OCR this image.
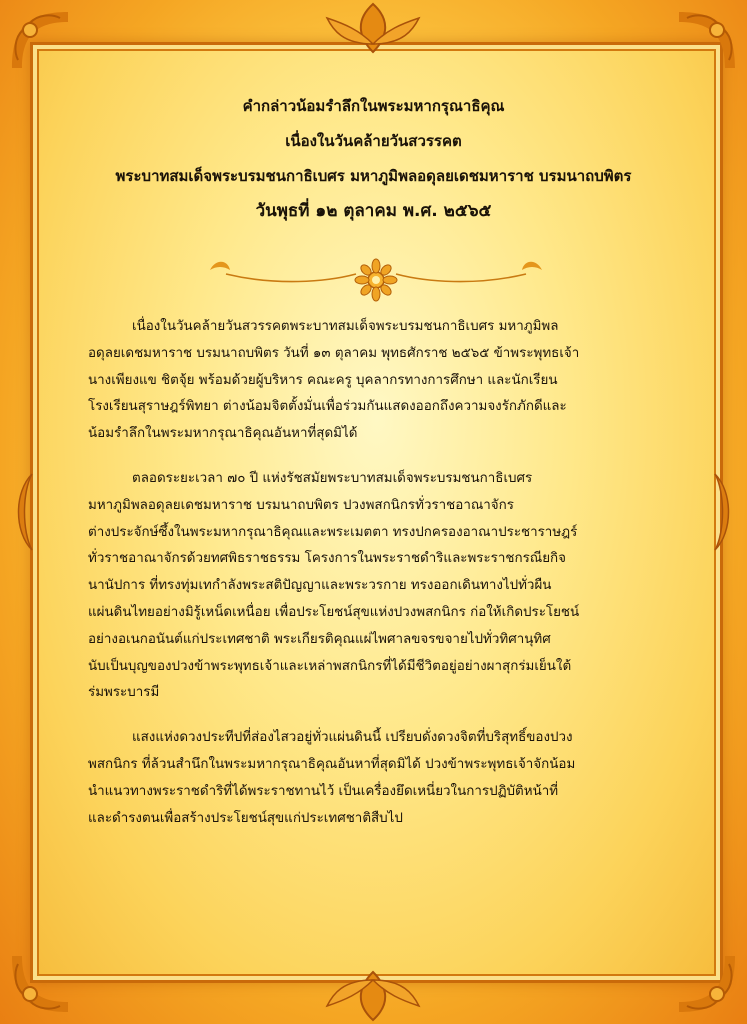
คำกล่าวน้อมรำลึกในพระมหากรุณาธิคุณ
เนื่องในวันคล้ายวันสวรรคต
พระบาทสมเด็จพระบรมชนกาธิเบศร มหาภูมิพลอดุลยเดชมหาราช บรมนาถบพิตร
วันพุธที่ ๑๒ ตุลาคม พ.ศ. ๒๕๖๕
เนื่องในวันคล้ายวันสวรรคตพระบาทสมเด็จพระบรมชนกาธิเบศร มหาภูมิพล
อดุลยเดชมหาราช บรมนาถบพิตร วันที่ ๑๓ ตุลาคม พุทธศักราช ๒๕๖๕ ข้าพระพุทธเจ้า
นางเพียงแข ชิตจุ้ย พร้อมด้วยผู้บริหาร คณะครู บุคลากรทางการศึกษา และนักเรียน
โรงเรียนสุราษฎร์พิทยา ต่างน้อมจิตตั้งมั่นเพื่อร่วมกันแสดงออกถึงความจงรักภักดีและ
น้อมรำลึกในพระมหากรุณาธิคุณอันหาที่สุดมิได้
ตลอดระยะเวลา ๗๐ ปี แห่งรัชสมัยพระบาทสมเด็จพระบรมชนกาธิเบศร
มหาภูมิพลอดุลยเดชมหาราช บรมนาถบพิตร ปวงพสกนิกรทั่วราชอาณาจักร
ต่างประจักษ์ซึ้งในพระมหากรุณาธิคุณและพระเมตตา ทรงปกครองอาณาประชาราษฎร์
ทั่วราชอาณาจักรด้วยทศพิธราชธรรม โครงการในพระราชดำริและพระราชกรณียกิจ
นานัปการ ที่ทรงทุ่มเทกำลังพระสติปัญญาและพระวรกาย ทรงออกเดินทางไปทั่วผืน
แผ่นดินไทยอย่างมิรู้เหน็ดเหนื่อย เพื่อประโยชน์สุขแห่งปวงพสกนิกร ก่อให้เกิดประโยชน์
อย่างอเนกอนันต์แก่ประเทศชาติ พระเกียรติคุณแผ่ไพศาลขจรขจายไปทั่วทิศานุทิศ
นับเป็นบุญของปวงข้าพระพุทธเจ้าและเหล่าพสกนิกรที่ได้มีชีวิตอยู่อย่างผาสุกร่มเย็นใต้
ร่มพระบารมี
แสงแห่งดวงประทีปที่ส่องไสวอยู่ทั่วแผ่นดินนี้ เปรียบดั่งดวงจิตที่บริสุทธิ์ของปวง
พสกนิกร ที่ล้วนสำนึกในพระมหากรุณาธิคุณอันหาที่สุดมิได้ ปวงข้าพระพุทธเจ้าจักน้อม
นำแนวทางพระราชดำริที่ได้พระราชทานไว้ เป็นเครื่องยึดเหนี่ยวในการปฏิบัติหน้าที่
และดำรงตนเพื่อสร้างประโยชน์สุขแก่ประเทศชาติสืบไป
